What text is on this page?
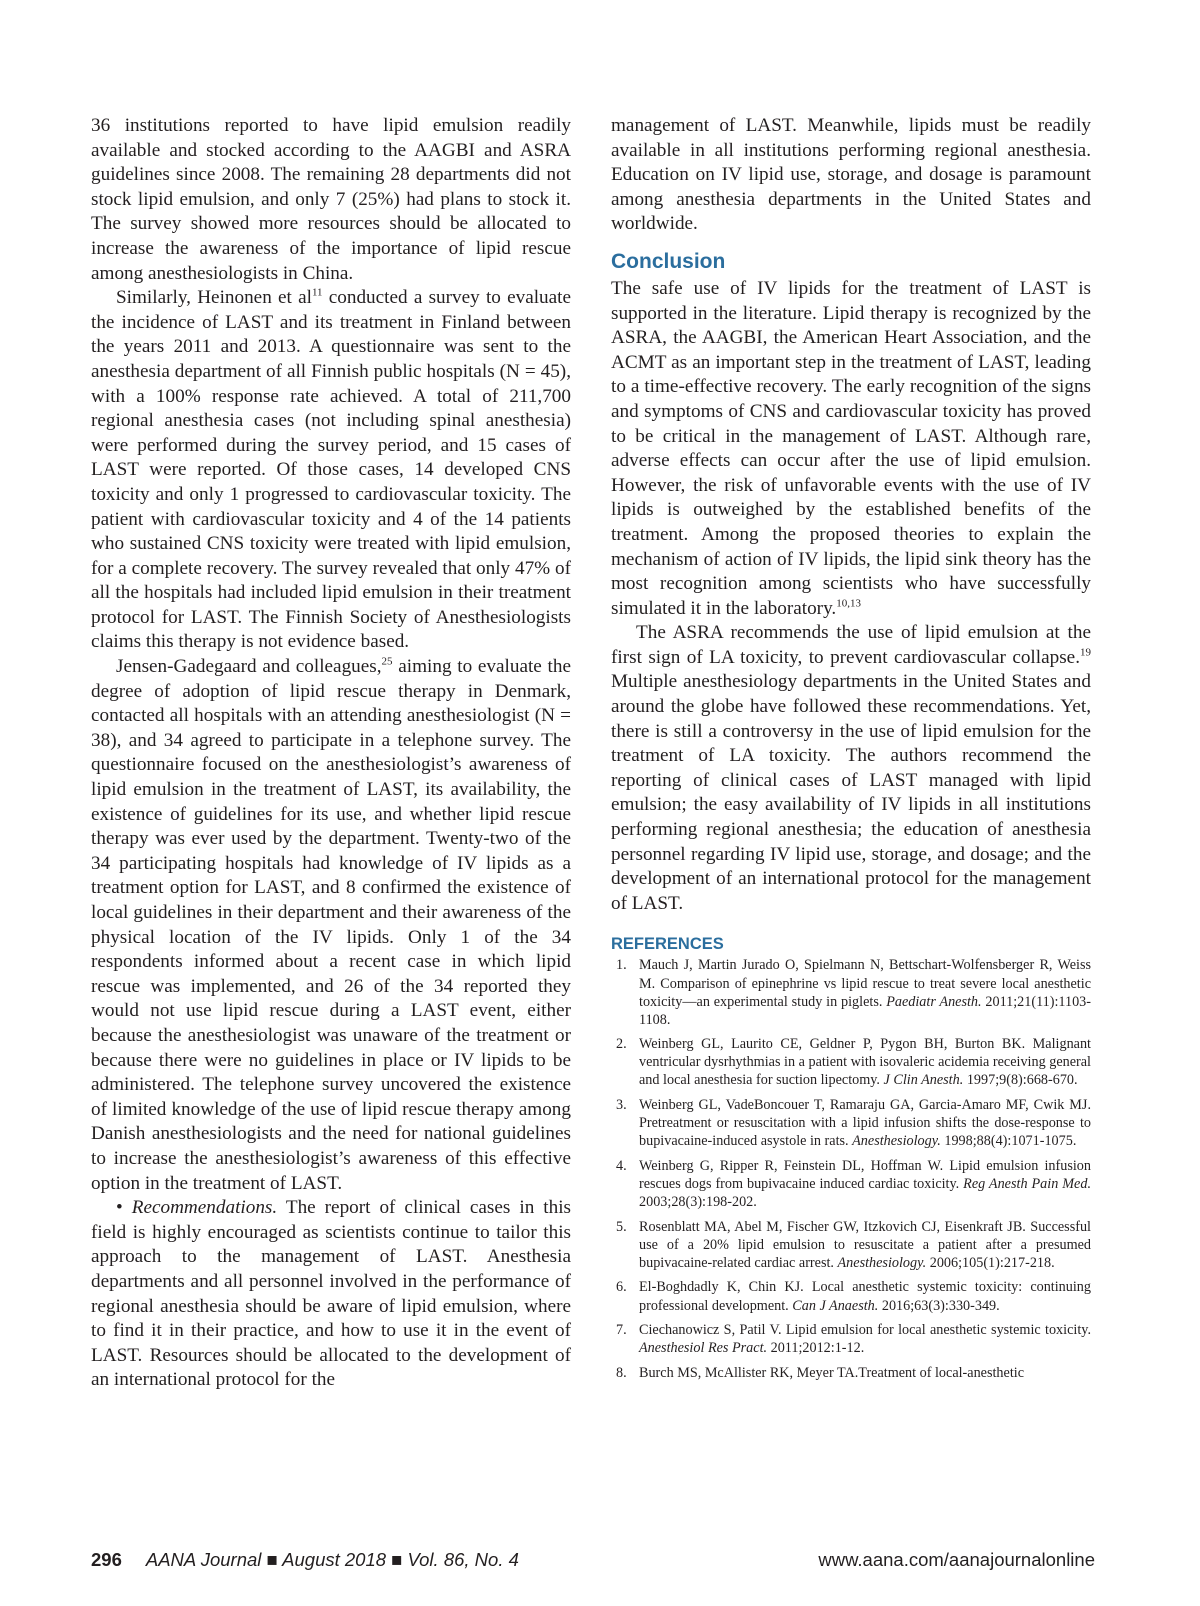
36 institutions reported to have lipid emulsion readily available and stocked according to the AAGBI and ASRA guidelines since 2008. The remaining 28 departments did not stock lipid emulsion, and only 7 (25%) had plans to stock it. The survey showed more resources should be allocated to increase the awareness of the importance of lipid rescue among anesthesiologists in China.

Similarly, Heinonen et $al^{11}$ conducted a survey to evaluate the incidence of LAST and its treatment in Finland between the years 2011 and 2013. A questionnaire was sent to the anesthesia department of all Finnish public hospitals (N = 45), with a 100% response rate achieved. A total of 211,700 regional anesthesia cases (not including spinal anesthesia) were performed during the survey period, and 15 cases of LAST were reported. Of those cases, 14 developed CNS toxicity and only 1 progressed to cardiovascular toxicity. The patient with cardiovascular toxicity and 4 of the 14 patients who sustained CNS toxicity were treated with lipid emulsion, for a complete recovery. The survey revealed that only 47% of all the hospitals had included lipid emulsion in their treatment protocol for LAST. The Finnish Society of Anesthesiologists claims this therapy is not evidence based.

Jensen-Gadegaard and colleagues,$^{25}$ aiming to evaluate the degree of adoption of lipid rescue therapy in Denmark, contacted all hospitals with an attending anesthesiologist (N = 38), and 34 agreed to participate in a telephone survey. The questionnaire focused on the anesthesiologist’s awareness of lipid emulsion in the treatment of LAST, its availability, the existence of guidelines for its use, and whether lipid rescue therapy was ever used by the department. Twenty-two of the 34 participating hospitals had knowledge of IV lipids as a treatment option for LAST, and 8 confirmed the existence of local guidelines in their department and their awareness of the physical location of the IV lipids. Only 1 of the 34 respondents informed about a recent case in which lipid rescue was implemented, and 26 of the 34 reported they would not use lipid rescue during a LAST event, either because the anesthesiologist was unaware of the treatment or because there were no guidelines in place or IV lipids to be administered. The telephone survey uncovered the existence of limited knowledge of the use of lipid rescue therapy among Danish anesthesiologists and the need for national guidelines to increase the anesthesiologist’s awareness of this effective option in the treatment of LAST.

• Recommendations. The report of clinical cases in this field is highly encouraged as scientists continue to tailor this approach to the management of LAST. Anesthesia departments and all personnel involved in the performance of regional anesthesia should be aware of lipid emulsion, where to find it in their practice, and how to use it in the event of LAST. Resources should be allocated to the development of an international protocol for the

management of LAST. Meanwhile, lipids must be readily available in all institutions performing regional anesthesia. Education on IV lipid use, storage, and dosage is paramount among anesthesia departments in the United States and worldwide.

Conclusion

The safe use of IV lipids for the treatment of LAST is supported in the literature. Lipid therapy is recognized by the ASRA, the AAGBI, the American Heart Association, and the ACMT as an important step in the treatment of LAST, leading to a time-effective recovery. The early recognition of the signs and symptoms of CNS and cardiovascular toxicity has proved to be critical in the management of LAST. Although rare, adverse effects can occur after the use of lipid emulsion. However, the risk of unfavorable events with the use of IV lipids is outweighed by the established benefits of the treatment. Among the proposed theories to explain the mechanism of action of IV lipids, the lipid sink theory has the most recognition among scientists who have successfully simulated it in the laboratory.$^{10,13}$

The ASRA recommends the use of lipid emulsion at the first sign of LA toxicity, to prevent cardiovascular collapse.$^{19}$ Multiple anesthesiology departments in the United States and around the globe have followed these recommendations. Yet, there is still a controversy in the use of lipid emulsion for the treatment of LA toxicity. The authors recommend the reporting of clinical cases of LAST managed with lipid emulsion; the easy availability of IV lipids in all institutions performing regional anesthesia; the education of anesthesia personnel regarding IV lipid use, storage, and dosage; and the development of an international protocol for the management of LAST.

REFERENCES
1. Mauch J, Martin Jurado O, Spielmann N, Bettschart-Wolfensberger R, Weiss M. Comparison of epinephrine vs lipid rescue to treat severe local anesthetic toxicity—an experimental study in piglets. Paediatr Anesth. 2011;21(11):1103-1108.
2. Weinberg GL, Laurito CE, Geldner P, Pygon BH, Burton BK. Malignant ventricular dysrhythmias in a patient with isovaleric acidemia receiving general and local anesthesia for suction lipectomy. J Clin Anesth. 1997;9(8):668-670.
3. Weinberg GL, VadeBoncouer T, Ramaraju GA, Garcia-Amaro MF, Cwik MJ. Pretreatment or resuscitation with a lipid infusion shifts the dose-response to bupivacaine-induced asystole in rats. Anesthesiology. 1998;88(4):1071-1075.
4. Weinberg G, Ripper R, Feinstein DL, Hoffman W. Lipid emulsion infusion rescues dogs from bupivacaine induced cardiac toxicity. Reg Anesth Pain Med. 2003;28(3):198-202.
5. Rosenblatt MA, Abel M, Fischer GW, Itzkovich CJ, Eisenkraft JB. Successful use of a 20% lipid emulsion to resuscitate a patient after a presumed bupivacaine-related cardiac arrest. Anesthesiology. 2006;105(1):217-218.
6. El-Boghdadly K, Chin KJ. Local anesthetic systemic toxicity: continuing professional development. Can J Anaesth. 2016;63(3):330-349.
7. Ciechanowicz S, Patil V. Lipid emulsion for local anesthetic systemic toxicity. Anesthesiol Res Pract. 2011;2012:1-12.
8. Burch MS, McAllister RK, Meyer TA.Treatment of local-anesthetic
296 AANA Journal ■ August 2018 ■ Vol. 86, No. 4	www.aana.com/aanajournalonline
